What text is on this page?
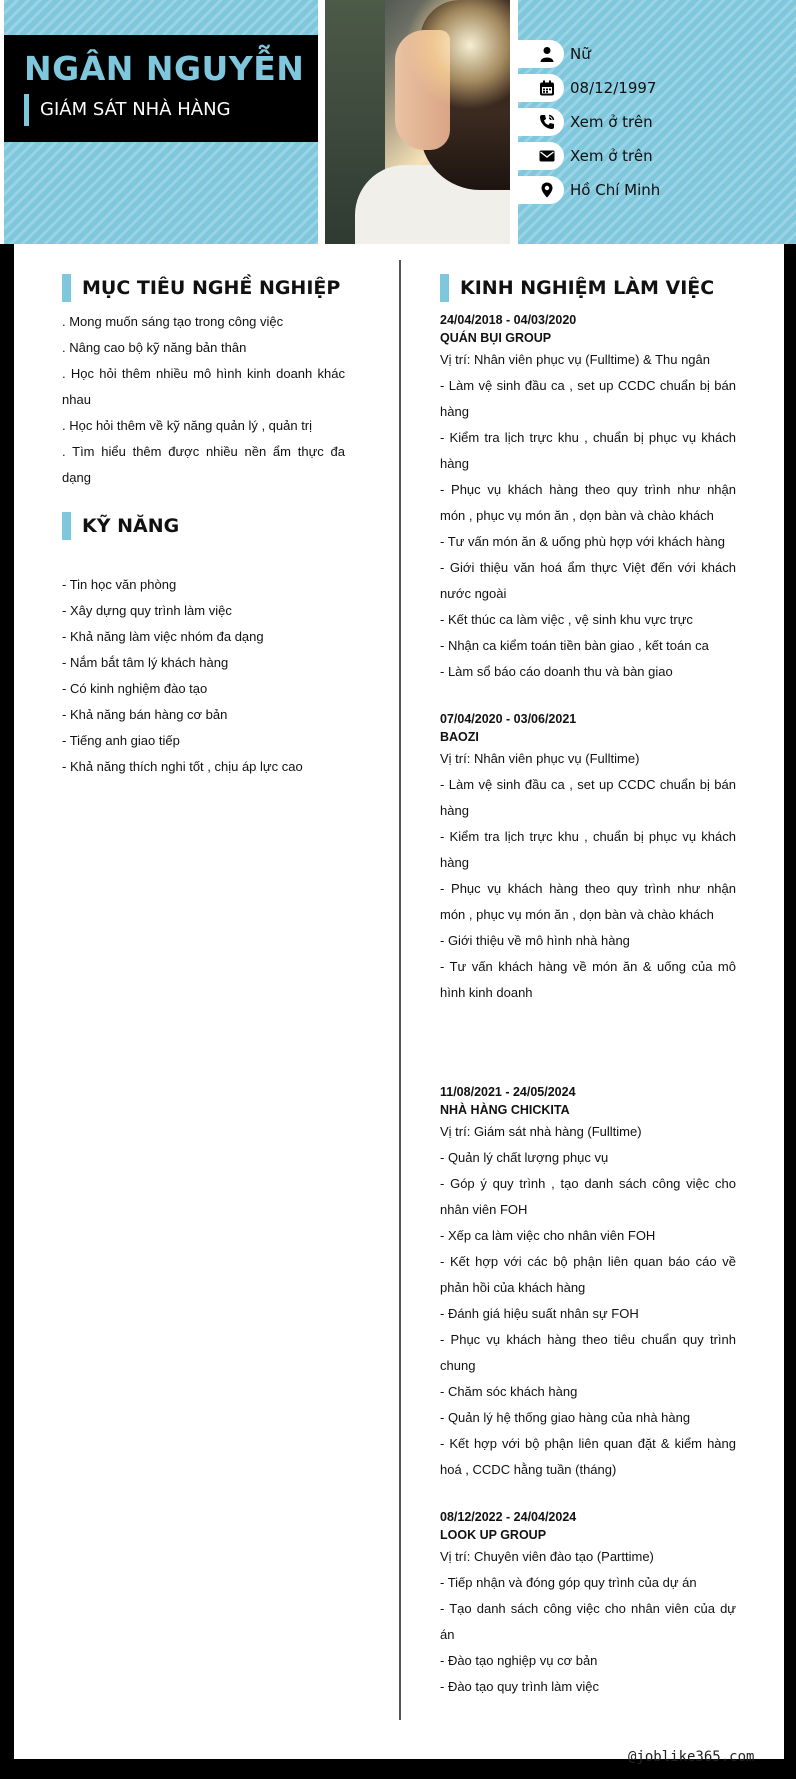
NGÂN NGUYỄN
GIÁM SÁT NHÀ HÀNG
Nữ
08/12/1997
Xem ở trên
Xem ở trên
Hồ Chí Minh
MỤC TIÊU NGHỀ NGHIỆP

. Mong muốn sáng tạo trong công việc

. Nâng cao bộ kỹ năng bản thân

. Học hỏi thêm nhiều mô hình kinh doanh khác nhau

. Học hỏi thêm về kỹ năng quản lý , quản trị

. Tìm hiểu thêm được nhiều nền ẩm thực đa dạng

KỸ NĂNG

- Tin học văn phòng

- Xây dựng quy trình làm việc

- Khả năng làm việc nhóm đa dạng

- Nắm bắt tâm lý khách hàng

- Có kinh nghiệm đào tạo

- Khả năng bán hàng cơ bản

- Tiếng anh giao tiếp

- Khả năng thích nghi tốt , chịu áp lực cao

KINH NGHIỆM LÀM VIỆC

24/04/2018 - 04/03/2020

QUÁN BỤI GROUP

Vị trí: Nhân viên phục vụ (Fulltime) & Thu ngân

- Làm vệ sinh đầu ca , set up CCDC chuẩn bị bán hàng

- Kiểm tra lịch trực khu , chuẩn bị phục vụ khách hàng

- Phục vụ khách hàng theo quy trình như nhận món , phục vụ món ăn , dọn bàn và chào khách

- Tư vấn món ăn & uống phù hợp với khách hàng

- Giới thiệu văn hoá ẩm thực Việt đến với khách nước ngoài

- Kết thúc ca làm việc , vệ sinh khu vực trực

- Nhận ca kiểm toán tiền bàn giao , kết toán ca

- Làm sổ báo cáo doanh thu và bàn giao

07/04/2020 - 03/06/2021

BAOZI

Vị trí: Nhân viên phục vụ (Fulltime)

- Làm vệ sinh đầu ca , set up CCDC chuẩn bị bán hàng

- Kiểm tra lịch trực khu , chuẩn bị phục vụ khách hàng

- Phục vụ khách hàng theo quy trình như nhận món , phục vụ món ăn , dọn bàn và chào khách

- Giới thiệu về mô hình nhà hàng

- Tư vấn khách hàng về món ăn & uống của mô hình kinh doanh

11/08/2021 - 24/05/2024

NHÀ HÀNG CHICKITA

Vị trí: Giám sát nhà hàng (Fulltime)

- Quản lý chất lượng phục vụ

- Góp ý quy trình , tạo danh sách công việc cho nhân viên FOH

- Xếp ca làm việc cho nhân viên FOH

- Kết hợp với các bộ phận liên quan báo cáo về phản hồi của khách hàng

- Đánh giá hiệu suất nhân sự FOH

- Phục vụ khách hàng theo tiêu chuẩn quy trình chung

- Chăm sóc khách hàng

- Quản lý hệ thống giao hàng của nhà hàng

- Kết hợp với bộ phận liên quan đặt & kiểm hàng hoá , CCDC hằng tuần (tháng)

08/12/2022 - 24/04/2024

LOOK UP GROUP

Vị trí: Chuyên viên đào tạo (Parttime)

- Tiếp nhận và đóng góp quy trình của dự án

- Tạo danh sách công việc cho nhân viên của dự án

- Đào tạo nghiệp vụ cơ bản

- Đào tạo quy trình làm việc

@joblike365.com
